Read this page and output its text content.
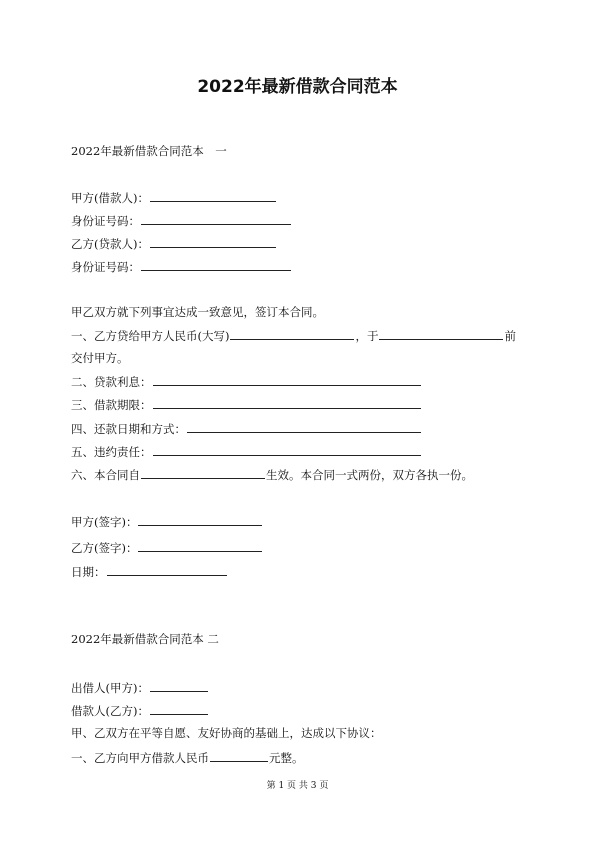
2022年最新借款合同范本
2022年最新借款合同范本　一
甲方(借款人)：
身份证号码：
乙方(贷款人)：
身份证号码：
甲乙双方就下列事宜达成一致意见，签订本合同。
一、乙方贷给甲方人民币(大写)	，于	前
交付甲方。
二、贷款利息：
三、借款期限：
四、还款日期和方式：
五、违约责任：
六、本合同自	生效。本合同一式两份，双方各执一份。
甲方(签字)：
乙方(签字)：
日期：
2022年最新借款合同范本 二
出借人(甲方)：
借款人(乙方)：
甲、乙双方在平等自愿、友好协商的基础上，达成以下协议：
一、乙方向甲方借款人民币	元整。
第 1 页 共 3 页
